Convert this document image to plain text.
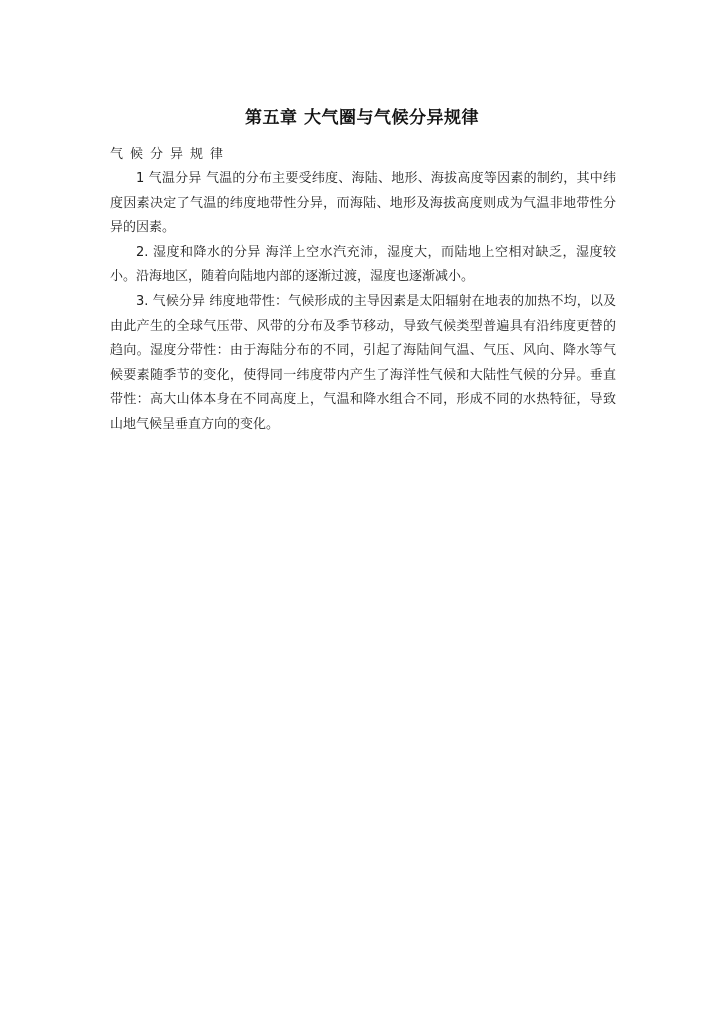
第五章 大气圈与气候分异规律
气候分异规律

1 气温分异 气温的分布主要受纬度、海陆、地形、海拔高度等因素的制约，其中纬度因素决定了气温的纬度地带性分异，而海陆、地形及海拔高度则成为气温非地带性分异的因素。

2. 湿度和降水的分异 海洋上空水汽充沛，湿度大，而陆地上空相对缺乏，湿度较小。沿海地区，随着向陆地内部的逐渐过渡，湿度也逐渐减小。

3. 气候分异 纬度地带性：气候形成的主导因素是太阳辐射在地表的加热不均，以及由此产生的全球气压带、风带的分布及季节移动，导致气候类型普遍具有沿纬度更替的趋向。湿度分带性：由于海陆分布的不同，引起了海陆间气温、气压、风向、降水等气候要素随季节的变化，使得同一纬度带内产生了海洋性气候和大陆性气候的分异。垂直带性：高大山体本身在不同高度上，气温和降水组合不同，形成不同的水热特征，导致山地气候呈垂直方向的变化。
